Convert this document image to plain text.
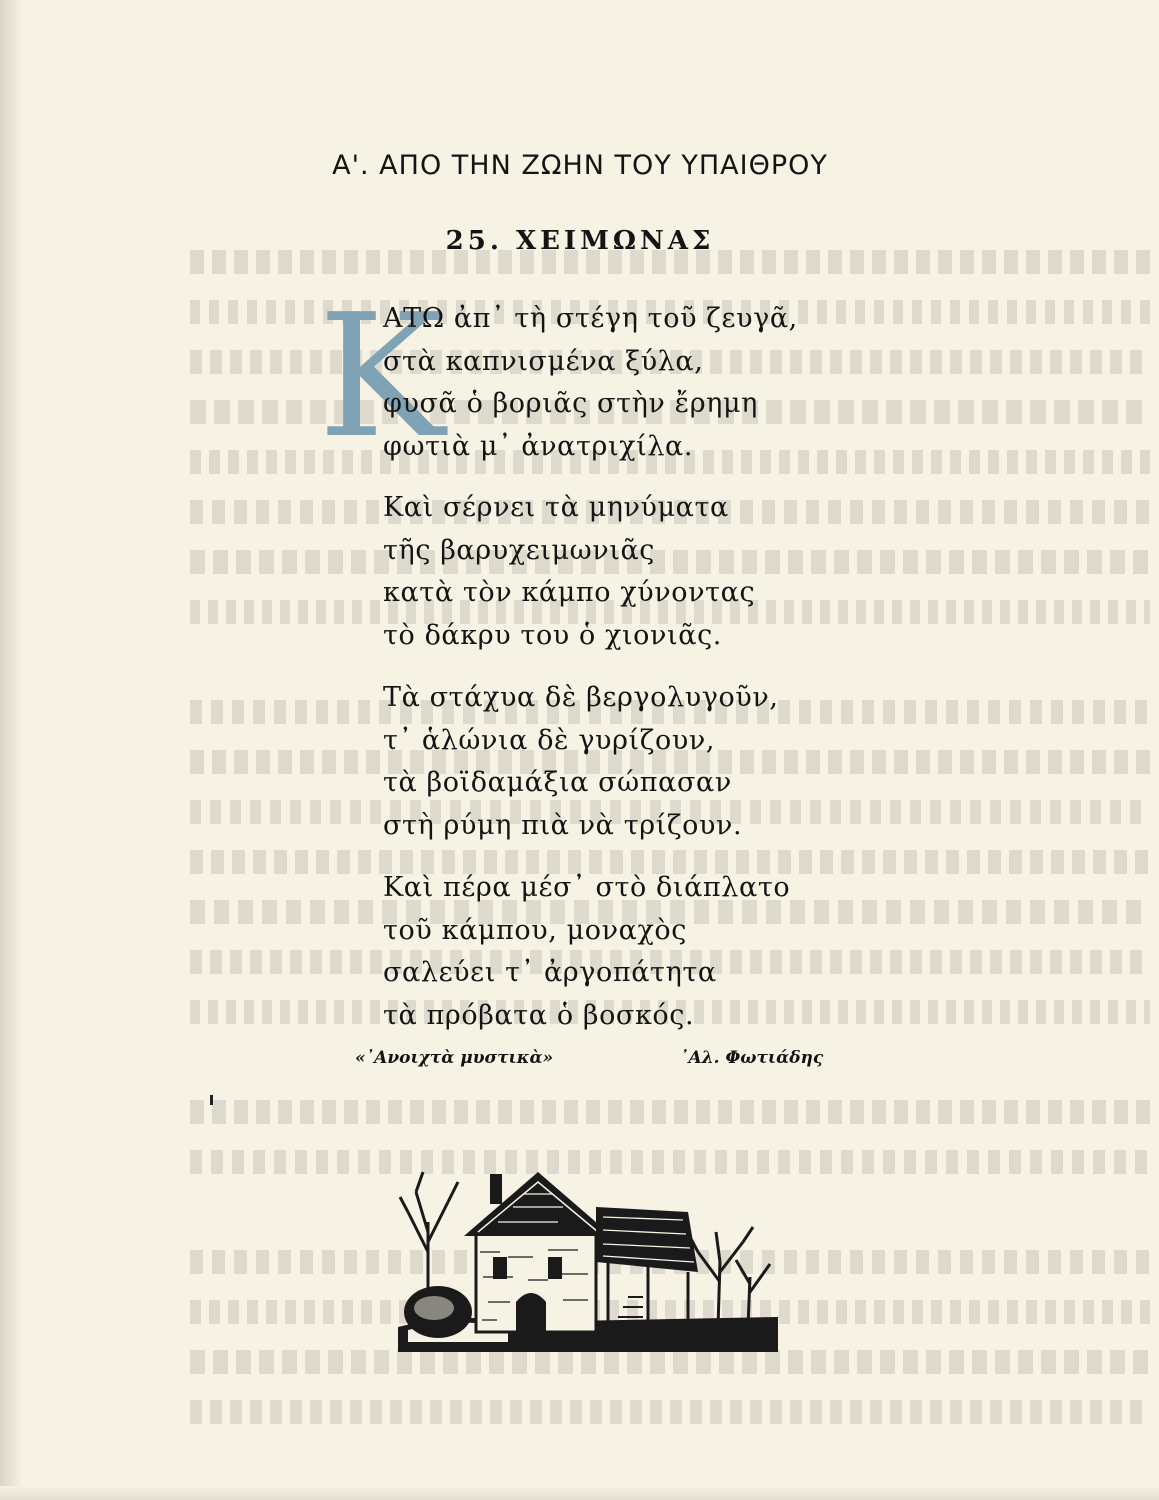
Α'. ΑΠΟ ΤΗΝ ΖΩΗΝ ΤΟΥ ΥΠΑΙΘΡΟΥ
25. ΧΕΙΜΩΝΑΣ
Κ
ΑΤΩ ἀπ᾽ τὴ στέγη τοῦ ζευγᾶ,
στὰ καπνισμένα ξύλα,
φυσᾶ ὁ βοριᾶς στὴν ἔρημη
φωτιὰ μ᾽ ἀνατριχίλα.
Καὶ σέρνει τὰ μηνύματα
τῆς βαρυχειμωνιᾶς
κατὰ τὸν κάμπο χύνοντας
τὸ δάκρυ του ὁ χιονιᾶς.
Τὰ στάχυα δὲ βεργολυγοῦν,
τ᾽ ἁλώνια δὲ γυρίζουν,
τὰ βοϊδαμάξια σώπασαν
στὴ ρύμη πιὰ νὰ τρίζουν.
Καὶ πέρα μέσ᾽ στὸ διάπλατο
τοῦ κάμπου, μοναχὸς
σαλεύει τ᾽ ἀργοπάτητα
τὰ πρόβατα ὁ βοσκός.
«᾿Ανοιχτὰ μυστικὰ»	᾿Αλ. Φωτιάδης
